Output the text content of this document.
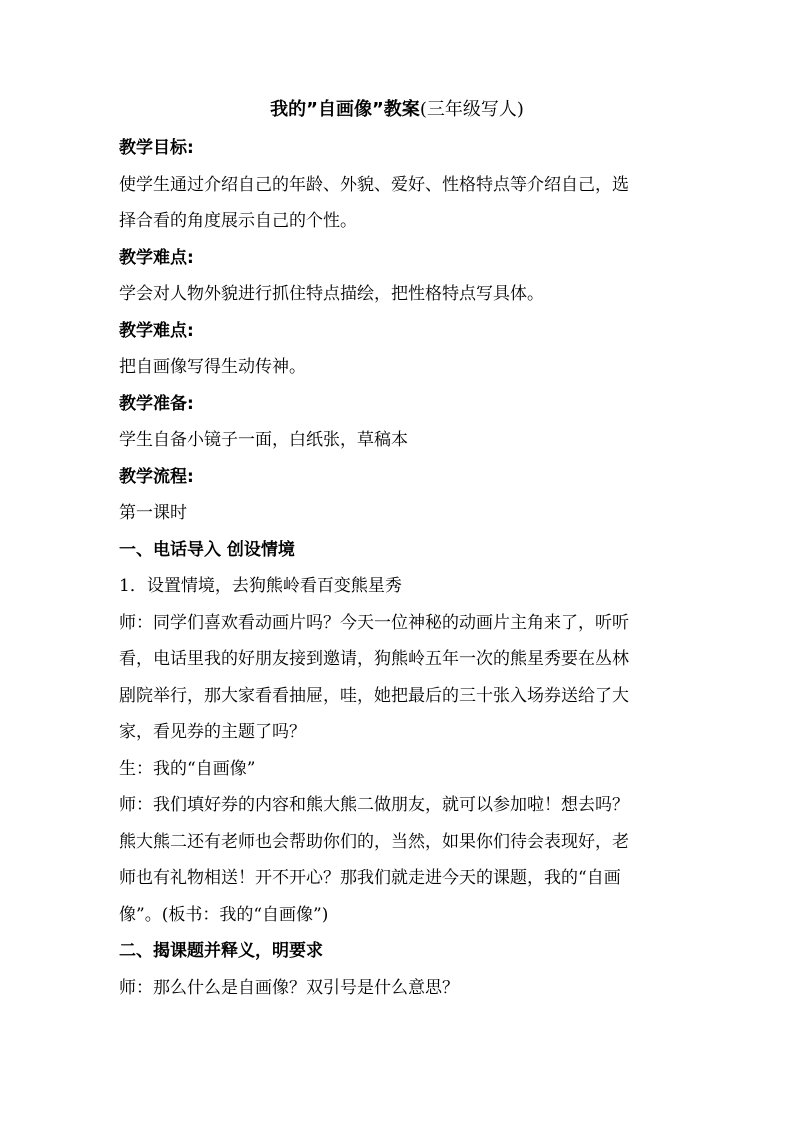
我的”自画像”教案(三年级写人)
教学目标:
使学生通过介绍自己的年龄、外貌、爱好、性格特点等介绍自己，选
择合看的角度展示自己的个性。
教学难点:
学会对人物外貌进行抓住特点描绘，把性格特点写具体。
教学难点:
把自画像写得生动传神。
教学准备:
学生自备小镜子一面，白纸张，草稿本
教学流程:
第一课时
一、电话导入 创设情境
1．设置情境，去狗熊岭看百变熊星秀
师：同学们喜欢看动画片吗？今天一位神秘的动画片主角来了，听听
看，电话里我的好朋友接到邀请，狗熊岭五年一次的熊星秀要在丛林
剧院举行，那大家看看抽屉，哇，她把最后的三十张入场券送给了大
家，看见券的主题了吗？
生：我的“自画像”
师：我们填好券的内容和熊大熊二做朋友，就可以参加啦！想去吗？
熊大熊二还有老师也会帮助你们的，当然，如果你们待会表现好，老
师也有礼物相送！开不开心？那我们就走进今天的课题，我的“自画
像”。(板书：我的“自画像”)
二、揭课题并释义，明要求
师：那么什么是自画像？双引号是什么意思？
